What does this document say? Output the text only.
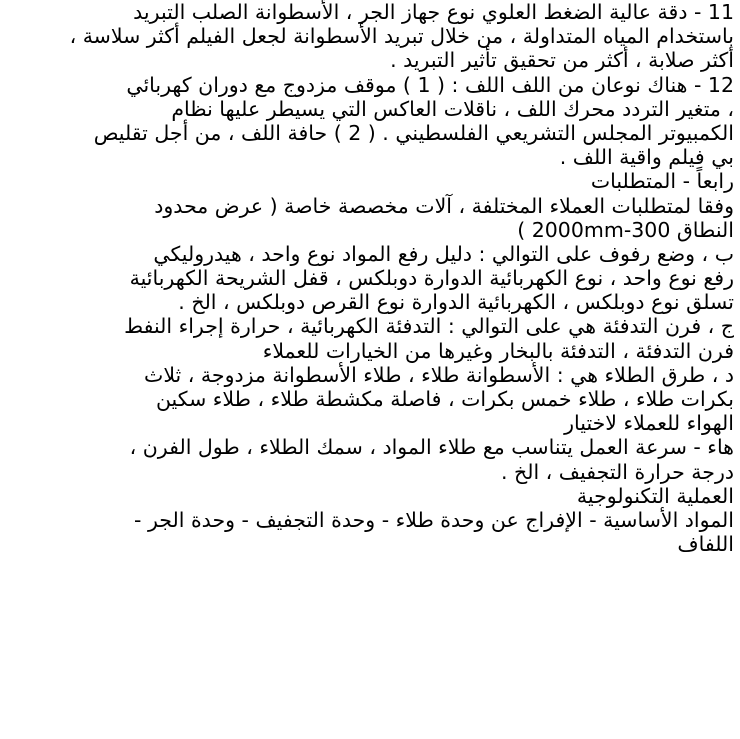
11 - دقة عالية الضغط العلوي نوع جهاز الجر ، الأسطوانة الصلب التبريد
باستخدام المياه المتداولة ، من خلال تبريد الأسطوانة لجعل الفيلم أكثر سلاسة ،
أكثر صلابة ، أكثر من تحقيق تأثير التبريد .
12 - هناك نوعان من اللف اللف : ( 1 ) موقف مزدوج مع دوران كهربائي
، متغير التردد محرك اللف ، ناقلات العاكس التي يسيطر عليها نظام
الكمبيوتر المجلس التشريعي الفلسطيني . ( 2 ) حافة اللف ، من أجل تقليص
بي فيلم واقية اللف .
رابعاً - المتطلبات
وفقا لمتطلبات العملاء المختلفة ، آلات مخصصة خاصة ( عرض محدود
النطاق 300-2000mm )
ب ، وضع رفوف على التوالي : دليل رفع المواد نوع واحد ، هيدروليكي
رفع نوع واحد ، نوع الكهربائية الدوارة دوبلكس ، قفل الشريحة الكهربائية
تسلق نوع دوبلكس ، الكهربائية الدوارة نوع القرص دوبلكس ، الخ .
ج ، فرن التدفئة هي على التوالي : التدفئة الكهربائية ، حرارة إجراء النفط
فرن التدفئة ، التدفئة بالبخار وغيرها من الخيارات للعملاء
د ، طرق الطلاء هي : الأسطوانة طلاء ، طلاء الأسطوانة مزدوجة ، ثلاث
بكرات طلاء ، طلاء خمس بكرات ، فاصلة مكشطة طلاء ، طلاء سكين
الهواء للعملاء لاختيار
هاء - سرعة العمل يتناسب مع طلاء المواد ، سمك الطلاء ، طول الفرن ،
درجة حرارة التجفيف ، الخ .
العملية التكنولوجية
المواد الأساسية - الإفراج عن وحدة طلاء - وحدة التجفيف - وحدة الجر -
اللفاف
